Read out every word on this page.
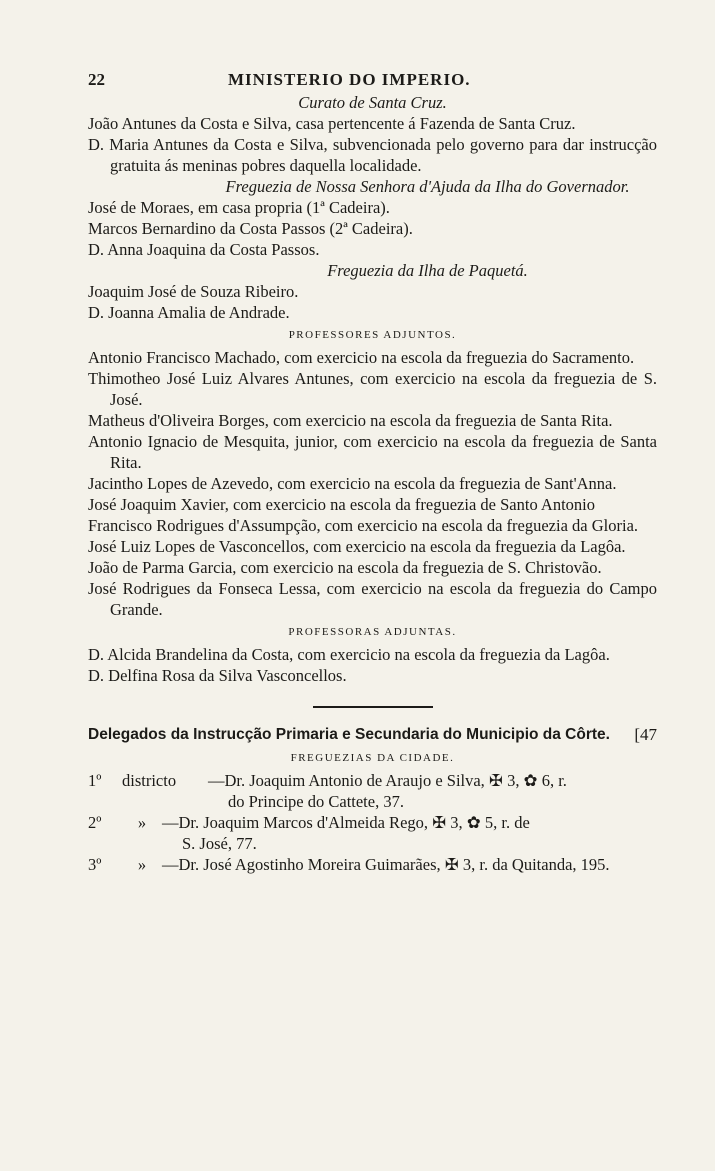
22	MINISTERIO DO IMPERIO.
Curato de Santa Cruz.
João Antunes da Costa e Silva, casa pertencente á Fazenda de Santa Cruz.
D. Maria Antunes da Costa e Silva, subvencionada pelo governo para dar instrucção gratuita ás meninas pobres daquella localidade.
Freguezia de Nossa Senhora d'Ajuda da Ilha do Governador.
José de Moraes, em casa propria (1ª Cadeira).
Marcos Bernardino da Costa Passos (2ª Cadeira).
D. Anna Joaquina da Costa Passos.
Freguezia da Ilha de Paquetá.
Joaquim José de Souza Ribeiro.
D. Joanna Amalia de Andrade.
PROFESSORES ADJUNTOS.
Antonio Francisco Machado, com exercicio na escola da freguezia do Sacramento.
Thimotheo José Luiz Alvares Antunes, com exercicio na escola da freguezia de S. José.
Matheus d'Oliveira Borges, com exercicio na escola da freguezia de Santa Rita.
Antonio Ignacio de Mesquita, junior, com exercicio na escola da freguezia de Santa Rita.
Jacintho Lopes de Azevedo, com exercicio na escola da freguezia de Sant'Anna.
José Joaquim Xavier, com exercicio na escola da freguezia de Santo Antonio
Francisco Rodrigues d'Assumpção, com exercicio na escola da freguezia da Gloria.
José Luiz Lopes de Vasconcellos, com exercicio na escola da freguezia da Lagôa.
João de Parma Garcia, com exercicio na escola da freguezia de S. Christovão.
José Rodrigues da Fonseca Lessa, com exercicio na escola da freguezia do Campo Grande.
PROFESSORAS ADJUNTAS.
D. Alcida Brandelina da Costa, com exercicio na escola da freguezia da Lagôa.
D. Delfina Rosa da Silva Vasconcellos.
Delegados da Instrucção Primaria e Secundaria do Municipio da Côrte. [47
FREGUEZIAS DA CIDADE.
1º	districto	—Dr. Joaquim Antonio de Araujo e Silva, ✠ 3, ✿ 6, r.
do Principe do Cattete, 37.
2º	» —Dr. Joaquim Marcos d'Almeida Rego, ✠ 3, ✿ 5, r. de
S. José, 77.
3º	» —Dr. José Agostinho Moreira Guimarães, ✠ 3, r. da Quitanda, 195.
